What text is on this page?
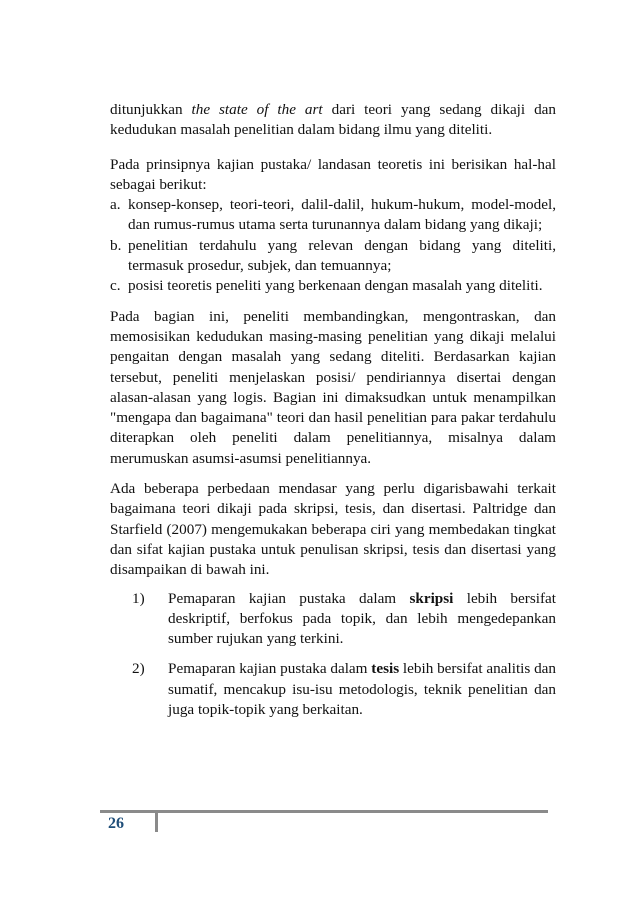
ditunjukkan the state of the art dari teori yang sedang dikaji dan kedudukan masalah penelitian dalam bidang ilmu yang diteliti.

Pada prinsipnya kajian pustaka/ landasan teoretis ini berisikan hal-hal sebagai berikut:

a. konsep-konsep, teori-teori, dalil-dalil, hukum-hukum, model-model, dan rumus-rumus utama serta turunannya dalam bidang yang dikaji;
b. penelitian terdahulu yang relevan dengan bidang yang diteliti, termasuk prosedur, subjek, dan temuannya;
c. posisi teoretis peneliti yang berkenaan dengan masalah yang diteliti.

Pada bagian ini, peneliti membandingkan, mengontraskan, dan memosisikan kedudukan masing-masing penelitian yang dikaji melalui pengaitan dengan masalah yang sedang diteliti. Berdasarkan kajian tersebut, peneliti menjelaskan posisi/ pendiriannya disertai dengan alasan-alasan yang logis. Bagian ini dimaksudkan untuk menampilkan "mengapa dan bagaimana" teori dan hasil penelitian para pakar terdahulu diterapkan oleh peneliti dalam penelitiannya, misalnya dalam merumuskan asumsi-asumsi penelitiannya.

Ada beberapa perbedaan mendasar yang perlu digarisbawahi terkait bagaimana teori dikaji pada skripsi, tesis, dan disertasi. Paltridge dan Starfield (2007) mengemukakan beberapa ciri yang membedakan tingkat dan sifat kajian pustaka untuk penulisan skripsi, tesis dan disertasi yang disampaikan di bawah ini.

1)	Pemaparan kajian pustaka dalam skripsi lebih bersifat deskriptif, berfokus pada topik, dan lebih mengedepankan sumber rujukan yang terkini.
2)	Pemaparan kajian pustaka dalam tesis lebih bersifat analitis dan sumatif, mencakup isu-isu metodologis, teknik penelitian dan juga topik-topik yang berkaitan.
26
